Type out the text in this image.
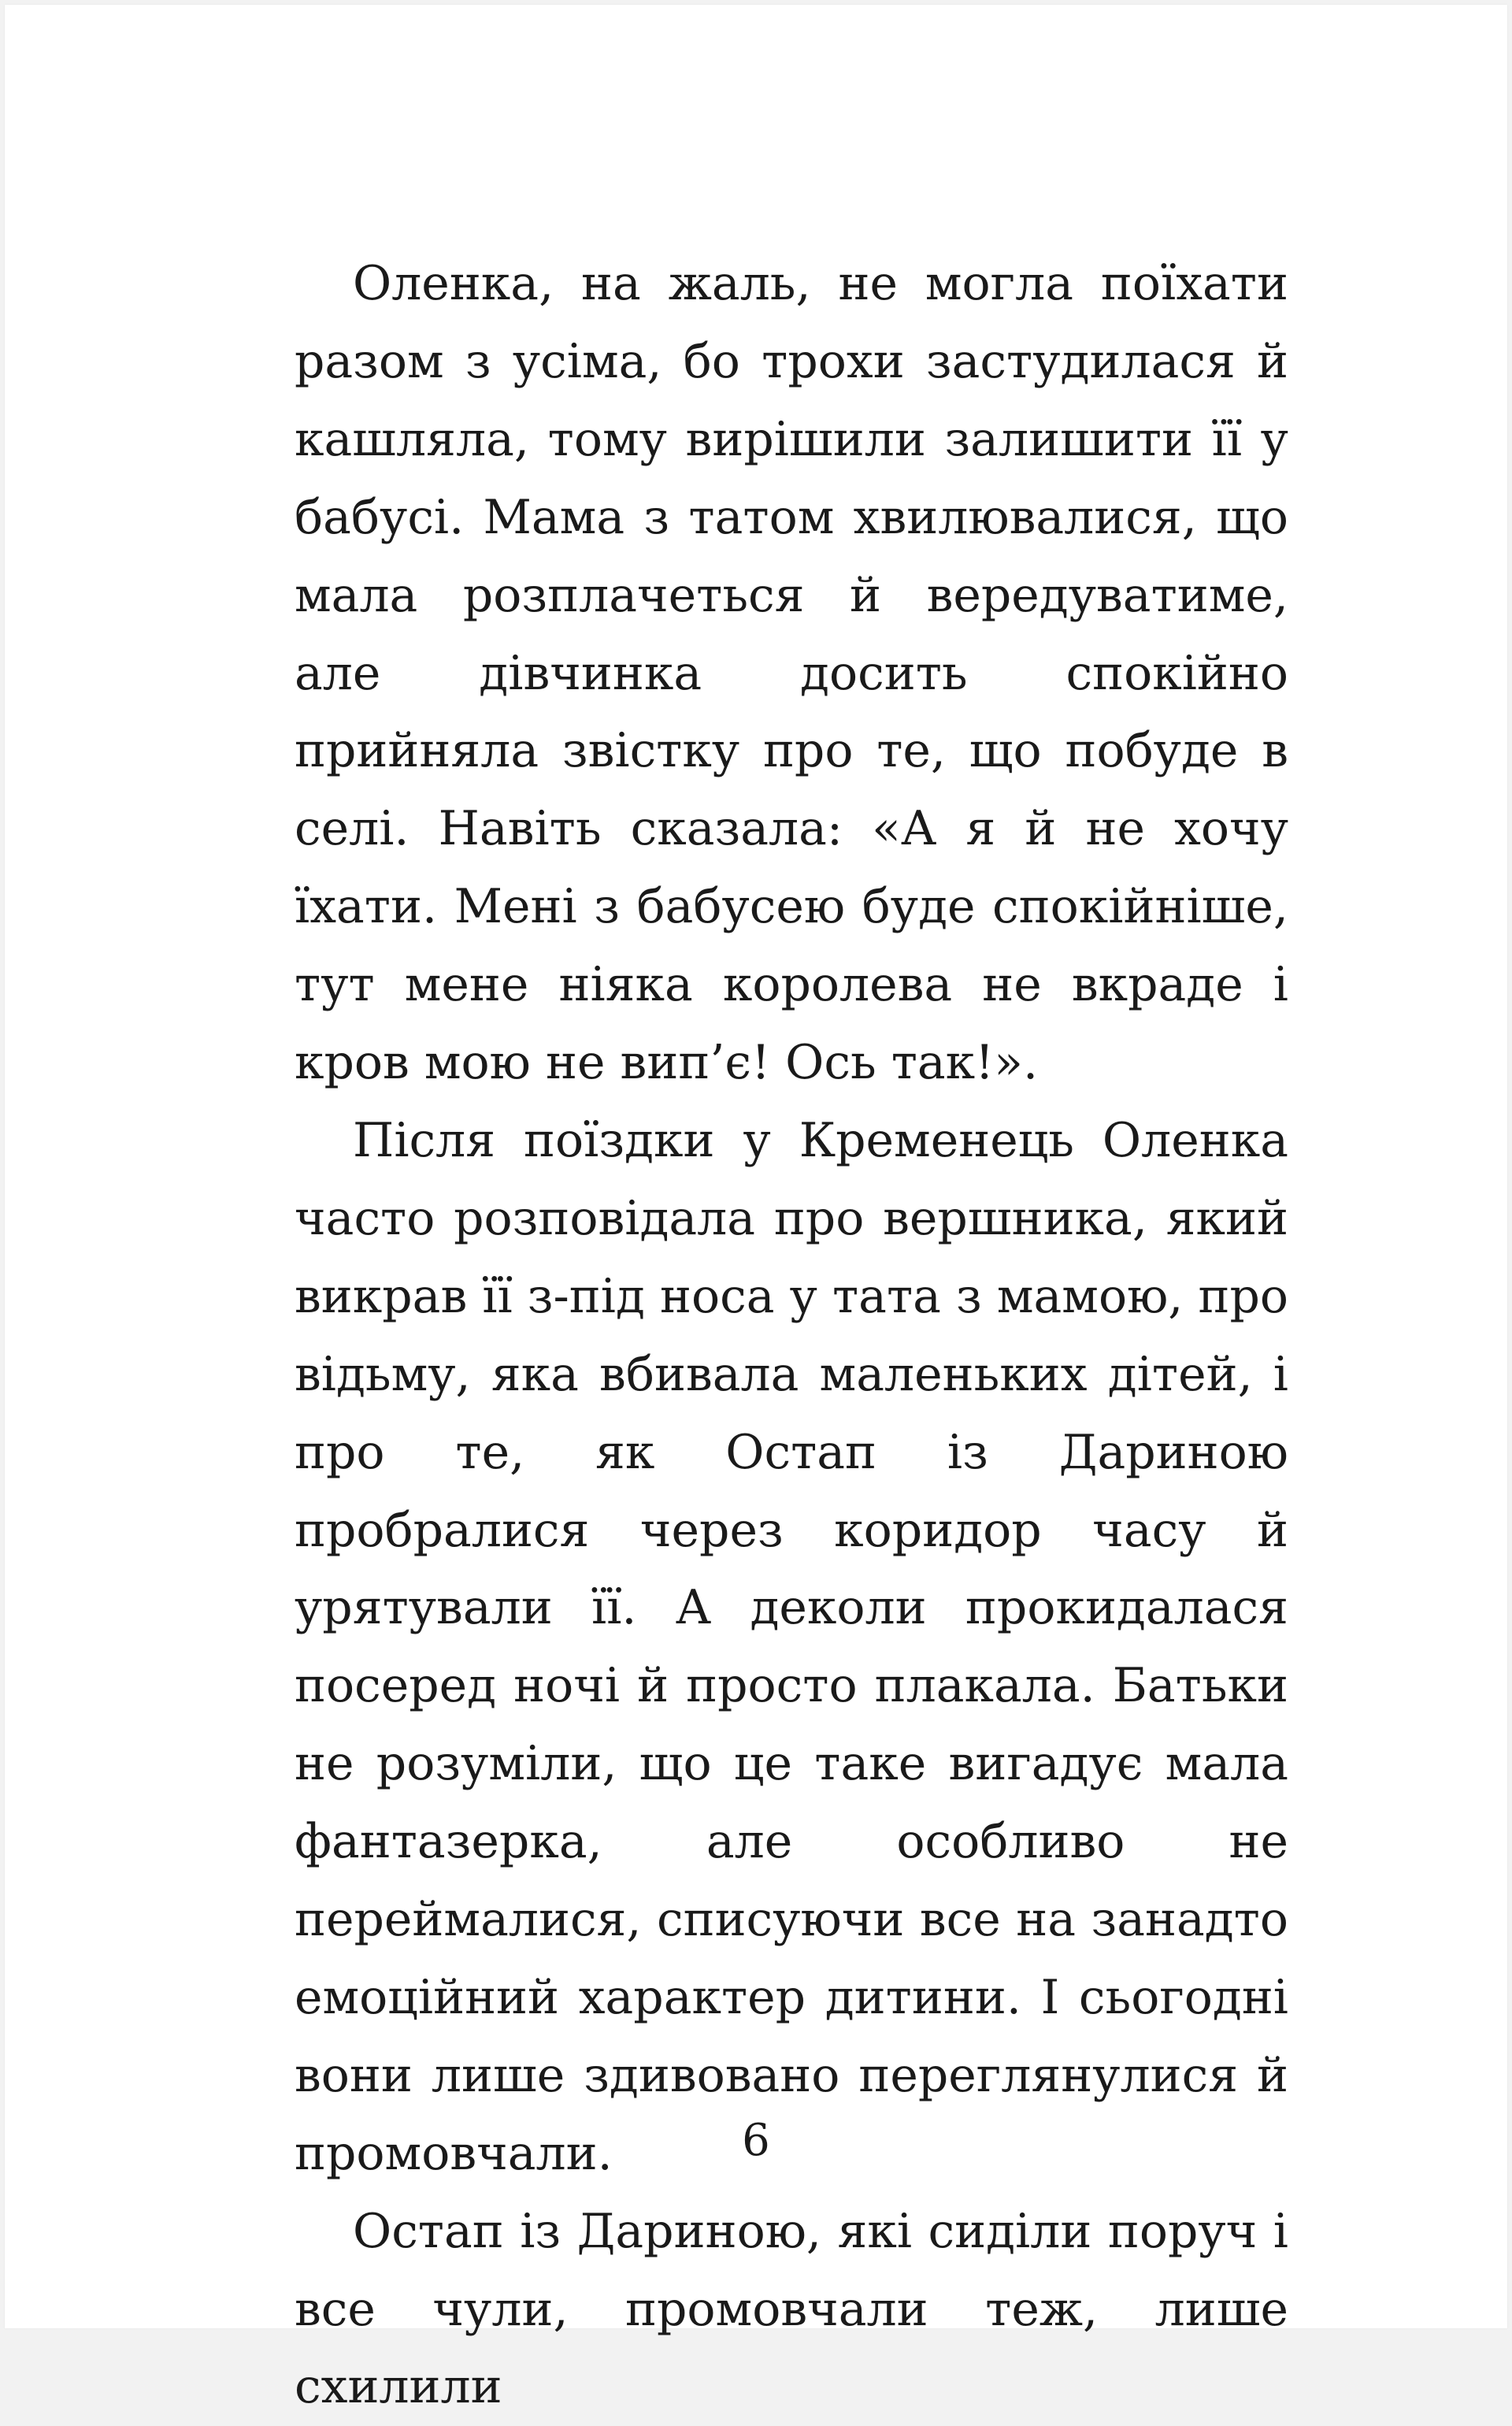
Оленка, на жаль, не могла поїхати разом з усіма, бо трохи застудилася й кашляла, тому вирішили залишити її у бабусі. Мама з татом хвилювалися, що мала розплачеться й вередуватиме, але дівчинка досить спокійно прийняла звістку про те, що побуде в селі. Навіть сказала: «А я й не хочу їхати. Мені з бабусею буде спокійніше, тут мене ніяка королева не вкраде і кров мою не вип’є! Ось так!».

Після поїздки у Кременець Оленка часто розповідала про вершника, який викрав її з-під носа у тата з мамою, про відьму, яка вбивала маленьких дітей, і про те, як Остап із Дариною пробралися через коридор часу й урятували її. А деколи прокидалася посеред ночі й просто плакала. Батьки не розуміли, що це таке вигадує мала фантазерка, але особливо не переймалися, списуючи все на занадто емоційний характер дитини. І сьогодні вони лише здивовано переглянулися й промовчали.

Остап із Дариною, які сиділи поруч і все чули, промовчали теж, лише схилили

6
